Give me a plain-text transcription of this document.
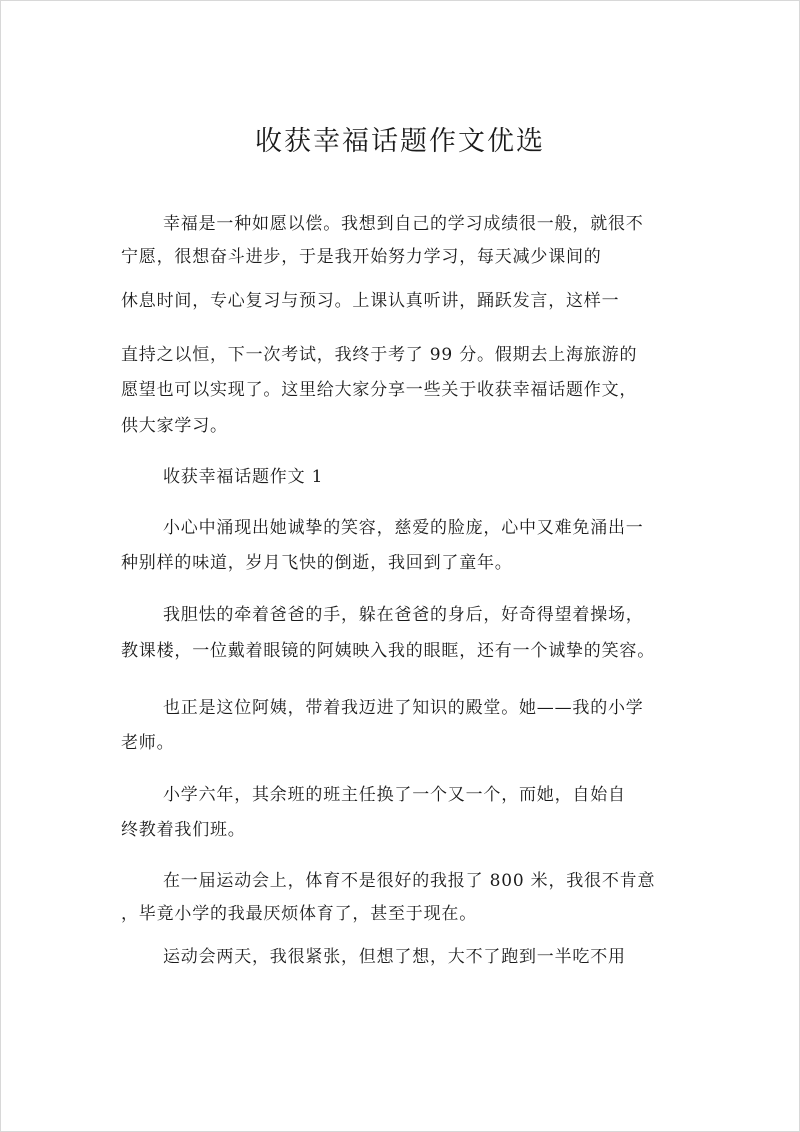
收获幸福话题作文优选

幸福是一种如愿以偿。我想到自己的学习成绩很一般，就很不

宁愿，很想奋斗进步，于是我开始努力学习，每天减少课间的

休息时间，专心复习与预习。上课认真听讲，踊跃发言，这样一

直持之以恒，下一次考试，我终于考了 99 分。假期去上海旅游的

愿望也可以实现了。这里给大家分享一些关于收获幸福话题作文，

供大家学习。

收获幸福话题作文 1

小心中涌现出她诚挚的笑容，慈爱的脸庞，心中又难免涌出一

种别样的味道，岁月飞快的倒逝，我回到了童年。

我胆怯的牵着爸爸的手，躲在爸爸的身后，好奇得望着操场，

教课楼，一位戴着眼镜的阿姨映入我的眼眶，还有一个诚挚的笑容。

也正是这位阿姨，带着我迈进了知识的殿堂。她——我的小学

老师。

小学六年，其余班的班主任换了一个又一个，而她，自始自

终教着我们班。

在一届运动会上，体育不是很好的我报了 800 米，我很不肯意

，毕竟小学的我最厌烦体育了，甚至于现在。

运动会两天，我很紧张，但想了想，大不了跑到一半吃不用
